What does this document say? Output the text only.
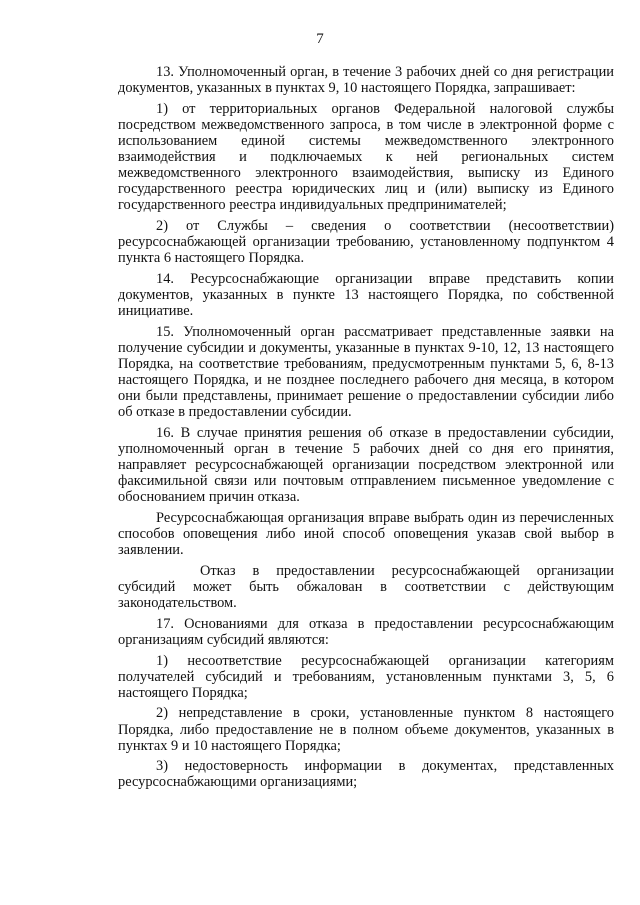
7

13. Уполномоченный орган, в течение 3 рабочих дней со дня регистрации документов, указанных в пунктах 9, 10 настоящего Порядка, запрашивает:

1) от территориальных органов Федеральной налоговой службы посредством межведомственного запроса, в том числе в электронной форме с использованием единой системы межведомственного электронного взаимодействия и подключаемых к ней региональных систем межведомственного электронного взаимодействия, выписку из Единого государственного реестра юридических лиц и (или) выписку из Единого государственного реестра индивидуальных предпринимателей;

2) от Службы – сведения о соответствии (несоответствии) ресурсоснабжающей организации требованию, установленному подпунктом 4 пункта 6 настоящего Порядка.

14. Ресурсоснабжающие организации вправе представить копии документов, указанных в пункте 13 настоящего Порядка, по собственной инициативе.

15. Уполномоченный орган рассматривает представленные заявки на получение субсидии и документы, указанные в пунктах 9-10, 12, 13 настоящего Порядка, на соответствие требованиям, предусмотренным пунктами 5, 6, 8-13 настоящего Порядка, и не позднее последнего рабочего дня месяца, в котором они были представлены, принимает решение о предоставлении субсидии либо об отказе в предоставлении субсидии.

16. В случае принятия решения об отказе в предоставлении субсидии, уполномоченный орган в течение 5 рабочих дней со дня его принятия, направляет ресурсоснабжающей организации посредством электронной или факсимильной связи или почтовым отправлением письменное уведомление с обоснованием причин отказа.

Ресурсоснабжающая организация вправе выбрать один из перечисленных способов оповещения либо иной способ оповещения указав свой выбор в заявлении.

Отказ в предоставлении ресурсоснабжающей организации субсидий может быть обжалован в соответствии с действующим законодательством.

17. Основаниями для отказа в предоставлении ресурсоснабжающим организациям субсидий являются:

1) несоответствие ресурсоснабжающей организации категориям получателей субсидий и требованиям, установленным пунктами 3, 5, 6 настоящего Порядка;

2) непредставление в сроки, установленные пунктом 8 настоящего Порядка, либо предоставление не в полном объеме документов, указанных в пунктах 9 и 10 настоящего Порядка;

3) недостоверность информации в документах, представленных ресурсоснабжающими организациями;
